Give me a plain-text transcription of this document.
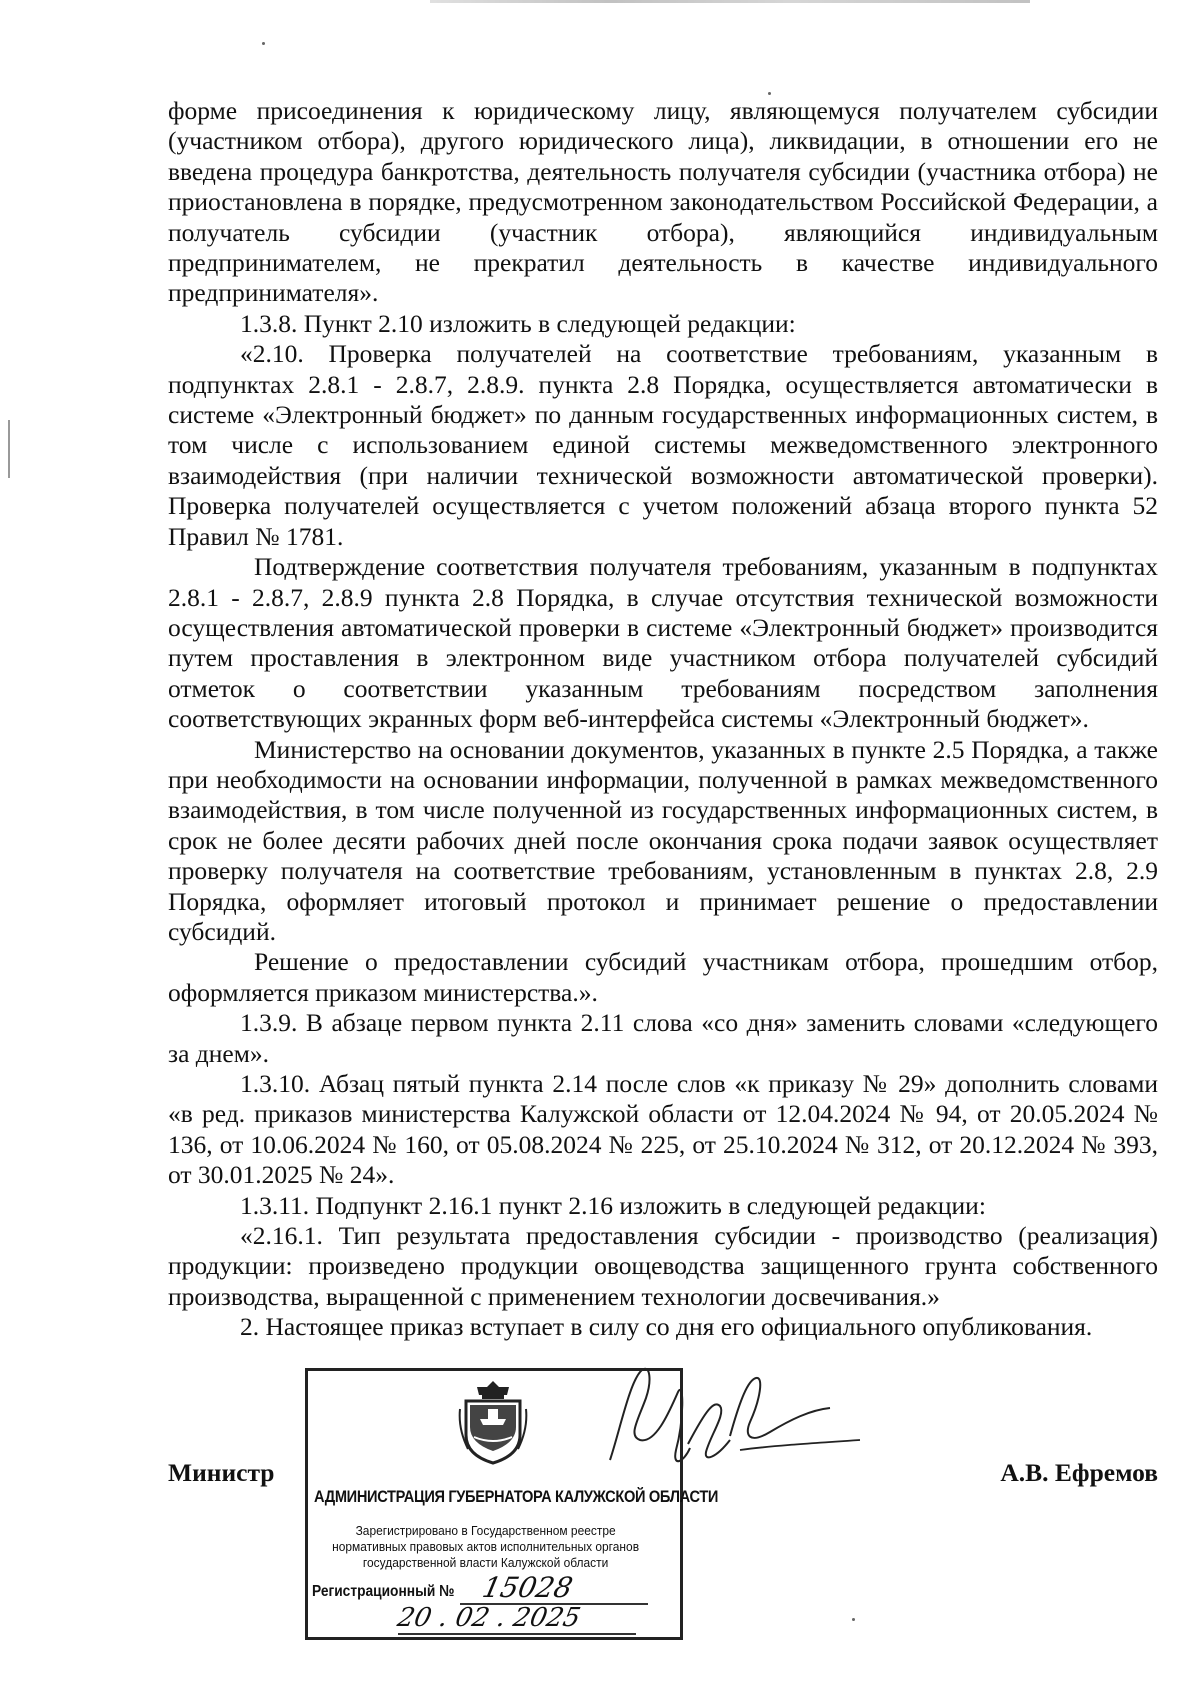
форме присоединения к юридическому лицу, являющемуся получателем субсидии (участником отбора), другого юридического лица), ликвидации, в отношении его не введена процедура банкротства, деятельность получателя субсидии (участника отбора) не приостановлена в порядке, предусмотренном законодательством Российской Федерации, а получатель субсидии (участник отбора), являющийся индивидуальным предпринимателем, не прекратил деятельность в качестве индивидуального предпринимателя».

1.3.8. Пункт 2.10 изложить в следующей редакции:

«2.10. Проверка получателей на соответствие требованиям, указанным в подпунктах 2.8.1 - 2.8.7, 2.8.9. пункта 2.8 Порядка, осуществляется автоматически в системе «Электронный бюджет» по данным государственных информационных систем, в том числе с использованием единой системы межведомственного электронного взаимодействия (при наличии технической возможности автоматической проверки). Проверка получателей осуществляется с учетом положений абзаца второго пункта 52 Правил № 1781.

Подтверждение соответствия получателя требованиям, указанным в подпунктах 2.8.1 - 2.8.7, 2.8.9 пункта 2.8 Порядка, в случае отсутствия технической возможности осуществления автоматической проверки в системе «Электронный бюджет» производится путем проставления в электронном виде участником отбора получателей субсидий отметок о соответствии указанным требованиям посредством заполнения соответствующих экранных форм веб-интерфейса системы «Электронный бюджет».

Министерство на основании документов, указанных в пункте 2.5 Порядка, а также при необходимости на основании информации, полученной в рамках межведомственного взаимодействия, в том числе полученной из государственных информационных систем, в срок не более десяти рабочих дней после окончания срока подачи заявок осуществляет проверку получателя на соответствие требованиям, установленным в пунктах 2.8, 2.9 Порядка, оформляет итоговый протокол и принимает решение о предоставлении субсидий.

Решение о предоставлении субсидий участникам отбора, прошедшим отбор, оформляется приказом министерства.».

1.3.9. В абзаце первом пункта 2.11 слова «со дня» заменить словами «следующего за днем».

1.3.10. Абзац пятый пункта 2.14 после слов «к приказу № 29» дополнить словами «в ред. приказов министерства Калужской области от 12.04.2024 № 94, от 20.05.2024 № 136, от 10.06.2024 № 160, от 05.08.2024 № 225, от 25.10.2024 № 312, от 20.12.2024 № 393, от 30.01.2025 № 24».

1.3.11. Подпункт 2.16.1 пункт 2.16 изложить в следующей редакции:

«2.16.1. Тип результата предоставления субсидии - производство (реализация) продукции: произведено продукции овощеводства защищенного грунта собственного производства, выращенной с применением технологии досвечивания.»

2. Настоящее приказ вступает в силу со дня его официального опубликования.

Министр	А.В. Ефремов
АДМИНИСТРАЦИЯ ГУБЕРНАТОРА КАЛУЖСКОЙ ОБЛАСТИ
Зарегистрировано в Государственном реестре нормативных правовых актов исполнительных органов государственной власти Калужской области
Регистрационный № 15028
20 . 02 . 2025
